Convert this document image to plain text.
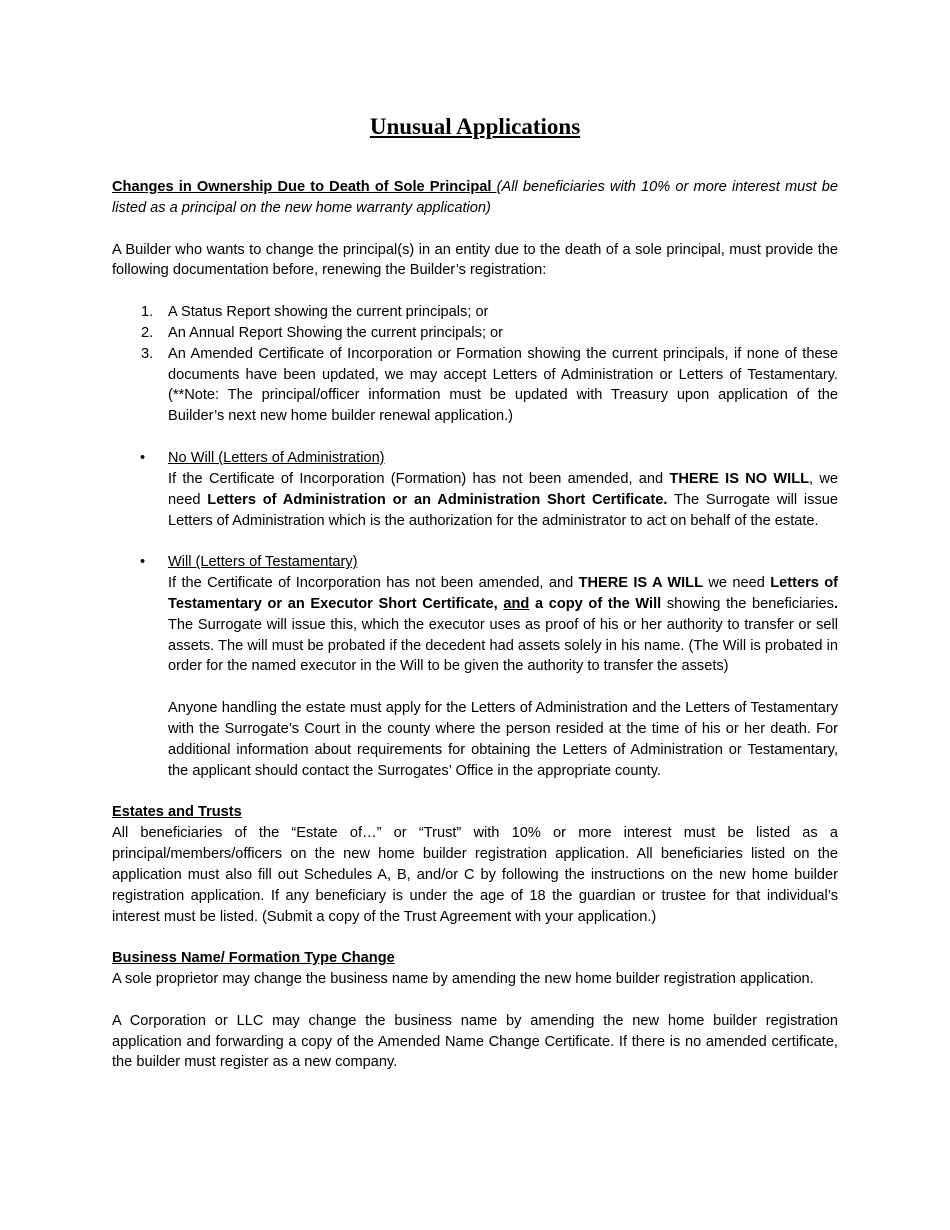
Unusual Applications

Changes in Ownership Due to Death of Sole Principal (All beneficiaries with 10% or more interest must be listed as a principal on the new home warranty application)

A Builder who wants to change the principal(s) in an entity due to the death of a sole principal, must provide the following documentation before, renewing the Builder’s registration:

1. A Status Report showing the current principals; or
2. An Annual Report Showing the current principals; or
3. An Amended Certificate of Incorporation or Formation showing the current principals, if none of these documents have been updated, we may accept Letters of Administration or Letters of Testamentary. (**Note: The principal/officer information must be updated with Treasury upon application of the Builder’s next new home builder renewal application.)
• No Will (Letters of Administration)

If the Certificate of Incorporation (Formation) has not been amended, and THERE IS NO WILL, we need Letters of Administration or an Administration Short Certificate. The Surrogate will issue Letters of Administration which is the authorization for the administrator to act on behalf of the estate.

• Will (Letters of Testamentary)

If the Certificate of Incorporation has not been amended, and THERE IS A WILL we need Letters of Testamentary or an Executor Short Certificate, and a copy of the Will showing the beneficiaries. The Surrogate will issue this, which the executor uses as proof of his or her authority to transfer or sell assets. The will must be probated if the decedent had assets solely in his name. (The Will is probated in order for the named executor in the Will to be given the authority to transfer the assets)

Anyone handling the estate must apply for the Letters of Administration and the Letters of Testamentary with the Surrogate’s Court in the county where the person resided at the time of his or her death. For additional information about requirements for obtaining the Letters of Administration or Testamentary, the applicant should contact the Surrogates’ Office in the appropriate county.

Estates and Trusts

All beneficiaries of the “Estate of…” or “Trust” with 10% or more interest must be listed as a principal/members/officers on the new home builder registration application. All beneficiaries listed on the application must also fill out Schedules A, B, and/or C by following the instructions on the new home builder registration application. If any beneficiary is under the age of 18 the guardian or trustee for that individual’s interest must be listed. (Submit a copy of the Trust Agreement with your application.)

Business Name/ Formation Type Change

A sole proprietor may change the business name by amending the new home builder registration application.

A Corporation or LLC may change the business name by amending the new home builder registration application and forwarding a copy of the Amended Name Change Certificate. If there is no amended certificate, the builder must register as a new company.
